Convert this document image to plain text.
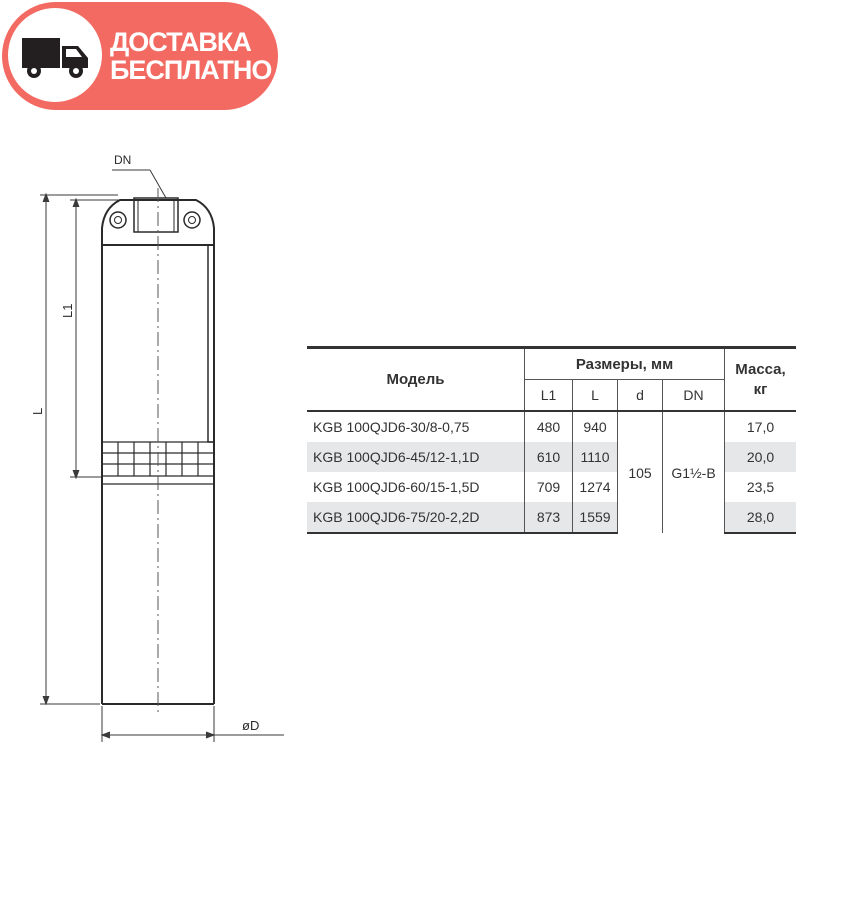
ДОСТАВКА
БЕСПЛАТНО
DN
L
L1
øD
Модель	Размеры, мм				Масса,
кг
	L1	L	d	DN	
KGB 100QJD6-30/8-0,75	480	940	105	G1½-B	17,0
KGB 100QJD6-45/12-1,1D	610	1110			20,0
KGB 100QJD6-60/15-1,5D	709	1274			23,5
KGB 100QJD6-75/20-2,2D	873	1559			28,0
